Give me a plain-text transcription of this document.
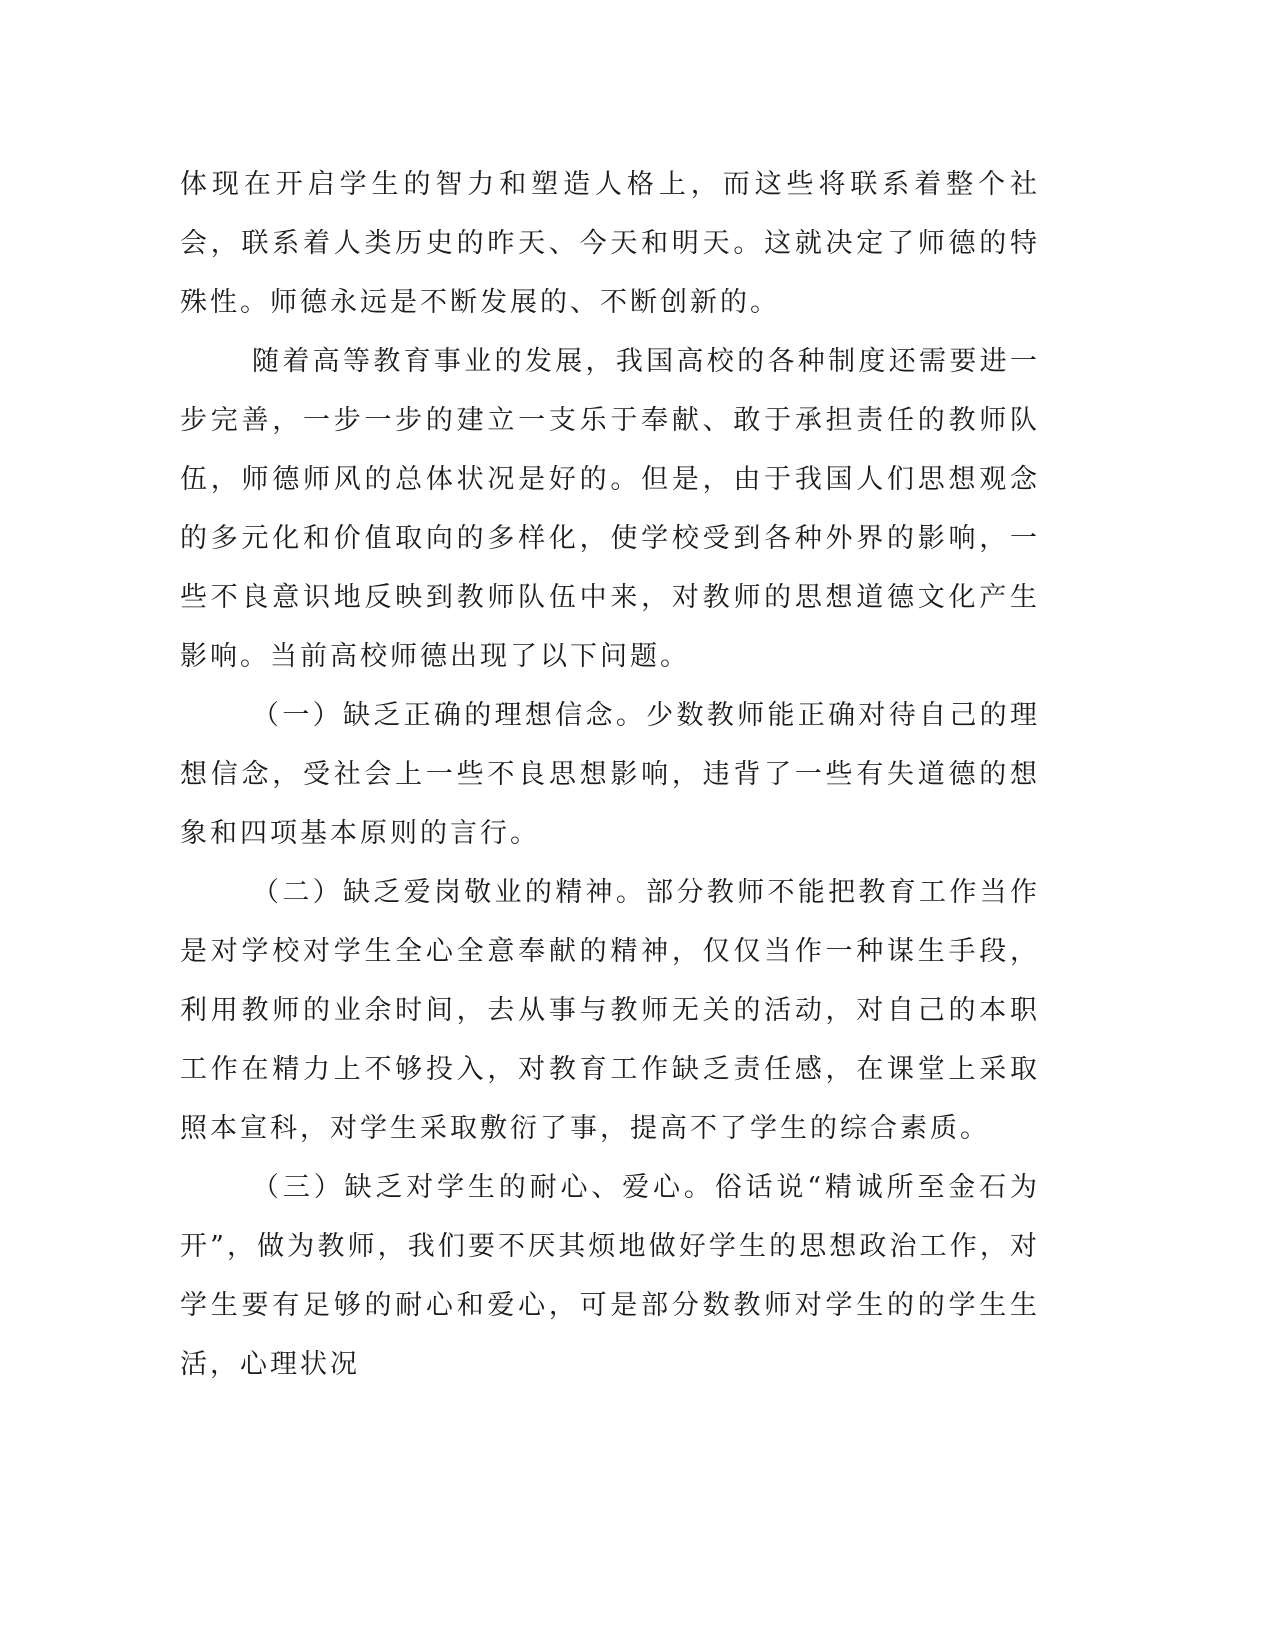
体现在开启学生的智力和塑造人格上，而这些将联系着整个社会，联系着人类历史的昨天、今天和明天。这就决定了师德的特殊性。师德永远是不断发展的、不断创新的。

随着高等教育事业的发展，我国高校的各种制度还需要进一步完善，一步一步的建立一支乐于奉献、敢于承担责任的教师队伍，师德师风的总体状况是好的。但是，由于我国人们思想观念的多元化和价值取向的多样化，使学校受到各种外界的影响，一些不良意识地反映到教师队伍中来，对教师的思想道德文化产生影响。当前高校师德出现了以下问题。

（一）缺乏正确的理想信念。少数教师能正确对待自己的理想信念，受社会上一些不良思想影响，违背了一些有失道德的想象和四项基本原则的言行。

（二）缺乏爱岗敬业的精神。部分教师不能把教育工作当作是对学校对学生全心全意奉献的精神，仅仅当作一种谋生手段，利用教师的业余时间，去从事与教师无关的活动，对自己的本职工作在精力上不够投入，对教育工作缺乏责任感，在课堂上采取照本宣科，对学生采取敷衍了事，提高不了学生的综合素质。

（三）缺乏对学生的耐心、爱心。俗话说“精诚所至金石为开”，做为教师，我们要不厌其烦地做好学生的思想政治工作，对学生要有足够的耐心和爱心，可是部分数教师对学生的的学生生活，心理状况
